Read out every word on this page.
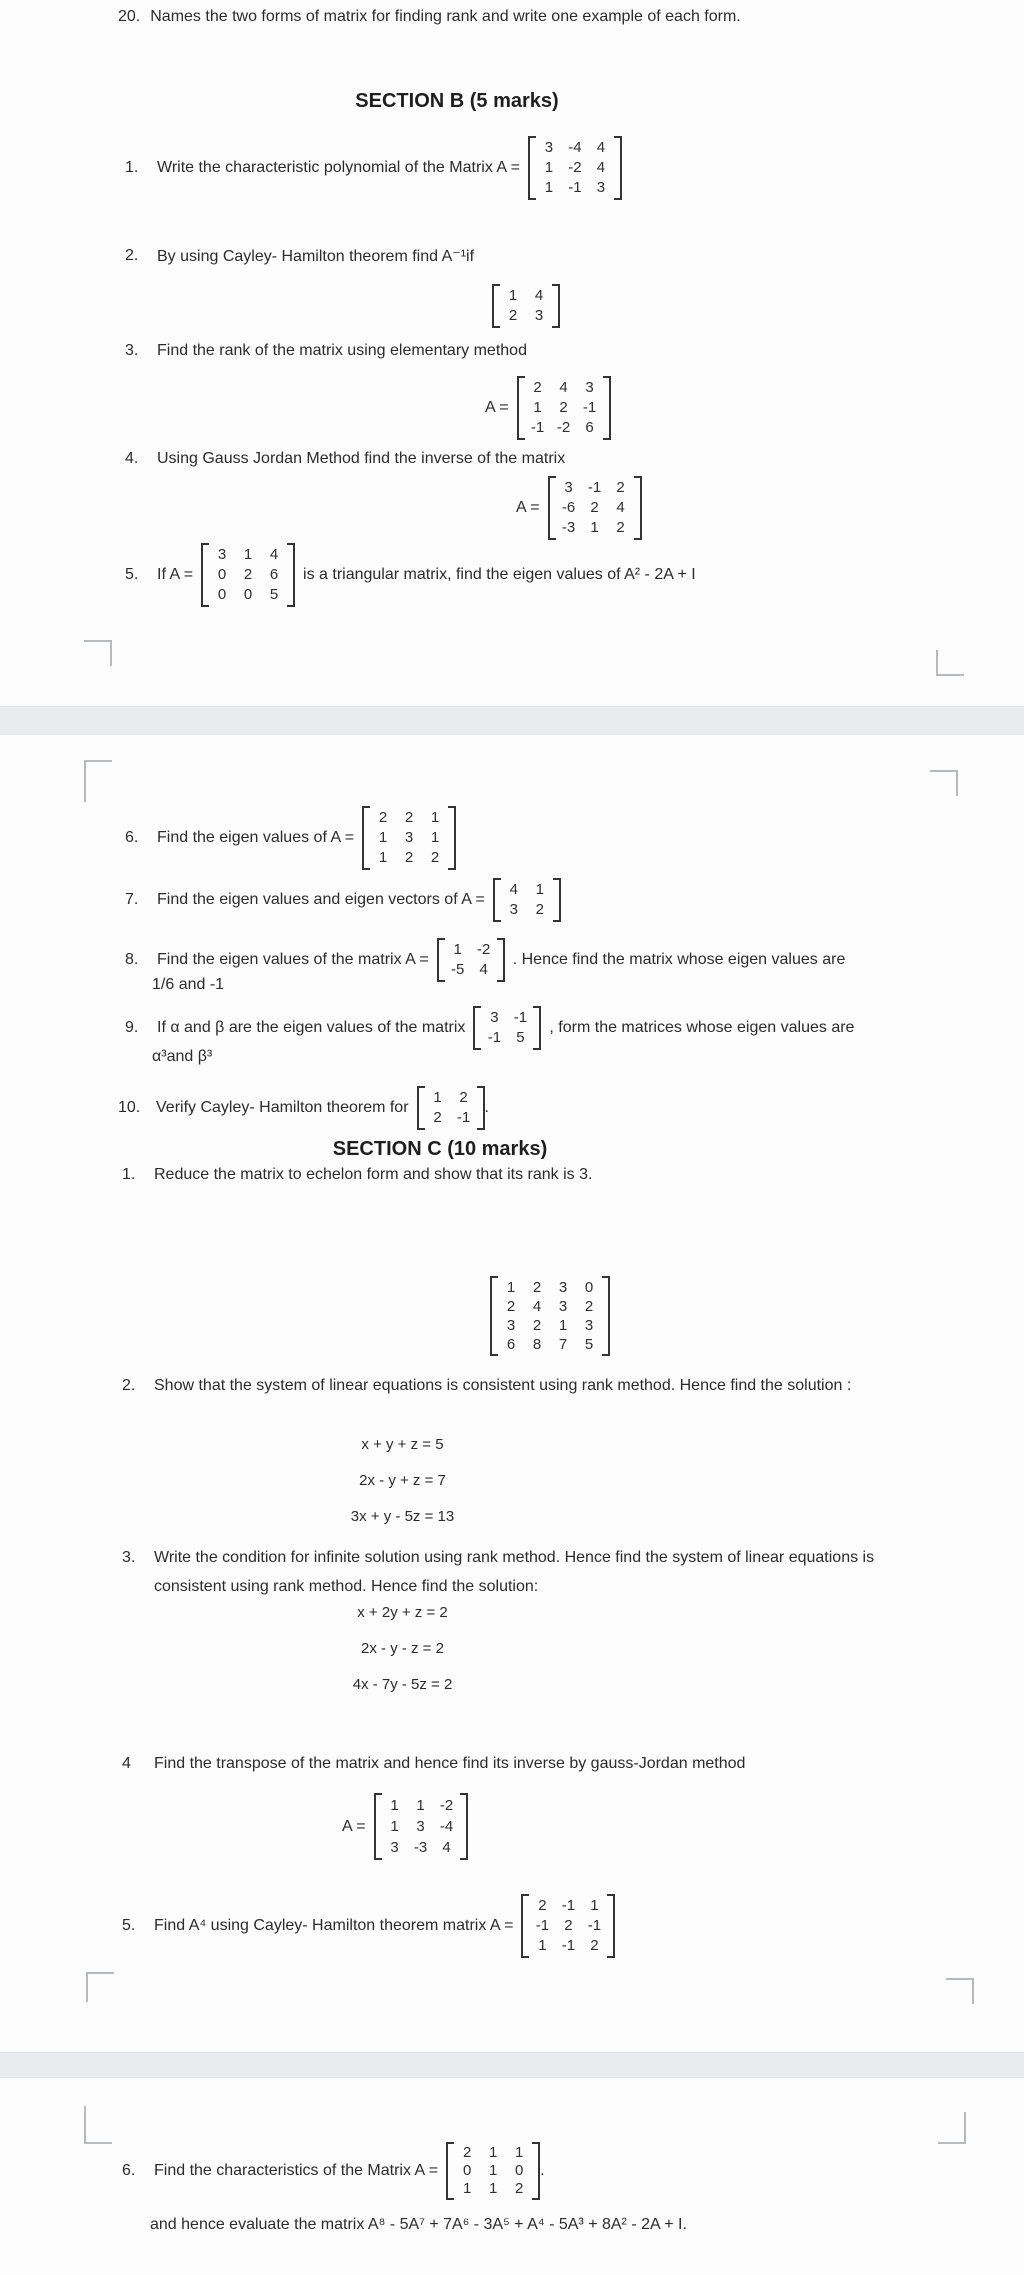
20. Names the two forms of matrix for finding rank and write one example of each form.
SECTION B (5 marks)
1.	Write the characteristic polynomial of the Matrix A =
3	-4	4
1	-2	4
1	-1	3
2.	By using Cayley- Hamilton theorem find A⁻¹if
1	4
2	3
3.	Find the rank of the matrix using elementary method
A =
2	4	3
1	2	-1
-1 -2	6
4.	Using Gauss Jordan Method find the inverse of the matrix
A =
3	-1	2
-6	2	4
-3	1	2
5.	If A =
3	1	4
0	2	6
0	0	5
is a triangular matrix, find the eigen values of A² - 2A + I
6.	Find the eigen values of A =
2	2	1
1	3	1
1	2	2
7.	Find the eigen values and eigen vectors of A =
4	1
3	2
8.	Find the eigen values of the matrix A =
1	-2
-5	4
. Hence find the matrix whose eigen values are
1/6 and -1
9.	If α and β are the eigen values of the matrix
3	-1
-1	5
, form the matrices whose eigen values are
α³and β³
10. Verify Cayley- Hamilton theorem for
1	2
2	-1
.
SECTION C (10 marks)
1.	Reduce the matrix to echelon form and show that its rank is 3.
1	2	3	0
2	4	3	2
3	2	1	3
6	8	7	5
2.	Show that the system of linear equations is consistent using rank method. Hence find the solution :
x + y + z = 5
2x - y + z = 7
3x + y - 5z = 13
3.	Write the condition for infinite solution using rank method. Hence find the system of linear equations is consistent using rank method. Hence find the solution:
x + 2y + z = 2
2x - y - z = 2
4x - 7y - 5z = 2
4	Find the transpose of the matrix and hence find its inverse by gauss-Jordan method
A =
1	1	-2
1	3	-4
3	-3	4
5.	Find A⁴ using Cayley- Hamilton theorem matrix A =
2	-1	1
-1	2	-1
1	-1	2
6.	Find the characteristics of the Matrix A =
2	1	1
0	1	0
1	1	2
.
and hence evaluate the matrix A⁸ - 5A⁷ + 7A⁶ - 3A⁵ + A⁴ - 5A³ + 8A² - 2A + I.
